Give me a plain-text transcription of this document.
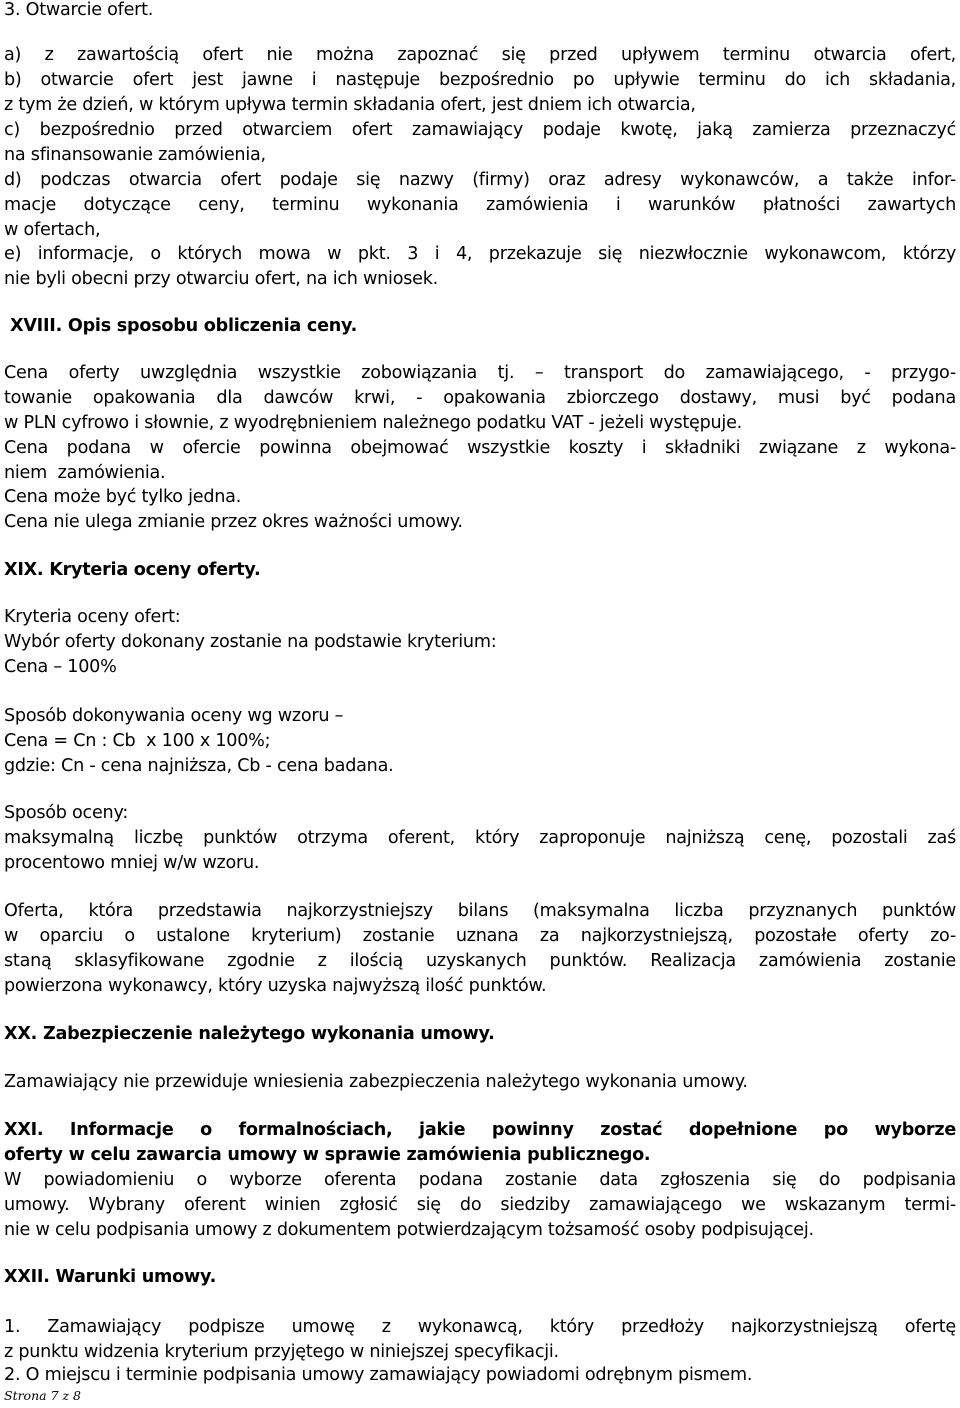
3. Otwarcie ofert.
a) z zawartością ofert nie można zapoznać się przed upływem terminu otwarcia ofert,
b) otwarcie ofert jest jawne i następuje bezpośrednio po upływie terminu do ich składania,
z tym że dzień, w którym upływa termin składania ofert, jest dniem ich otwarcia,
c) bezpośrednio przed otwarciem ofert zamawiający podaje kwotę, jaką zamierza przeznaczyć
na sfinansowanie zamówienia,
d) podczas otwarcia ofert podaje się nazwy (firmy) oraz adresy wykonawców, a także infor-
macje dotyczące ceny, terminu wykonania zamówienia i warunków płatności zawartych
w ofertach,
e) informacje, o których mowa w pkt. 3 i 4, przekazuje się niezwłocznie wykonawcom, którzy
nie byli obecni przy otwarciu ofert, na ich wniosek.
XVIII. Opis sposobu obliczenia ceny.
Cena oferty uwzględnia wszystkie zobowiązania tj. – transport do zamawiającego, - przygo-
towanie opakowania dla dawców krwi, - opakowania zbiorczego dostawy, musi być podana
w PLN cyfrowo i słownie, z wyodrębnieniem należnego podatku VAT - jeżeli występuje.
Cena podana w ofercie powinna obejmować wszystkie koszty i składniki związane z wykona-
niem  zamówienia.
Cena może być tylko jedna.
Cena nie ulega zmianie przez okres ważności umowy.
XIX. Kryteria oceny oferty.
Kryteria oceny ofert:
Wybór oferty dokonany zostanie na podstawie kryterium:
Cena – 100%
Sposób dokonywania oceny wg wzoru –
Cena = Cn : Cb  x 100 x 100%;
gdzie: Cn - cena najniższa, Cb - cena badana.
Sposób oceny:
maksymalną liczbę punktów otrzyma oferent, który zaproponuje najniższą cenę, pozostali zaś
procentowo mniej w/w wzoru.
Oferta, która przedstawia najkorzystniejszy bilans (maksymalna liczba przyznanych punktów
w oparciu o ustalone kryterium) zostanie uznana za najkorzystniejszą, pozostałe oferty zo-
staną sklasyfikowane zgodnie z ilością uzyskanych punktów. Realizacja zamówienia zostanie
powierzona wykonawcy, który uzyska najwyższą ilość punktów.
XX. Zabezpieczenie należytego wykonania umowy.
Zamawiający nie przewiduje wniesienia zabezpieczenia należytego wykonania umowy.
XXI. Informacje o formalnościach, jakie powinny zostać dopełnione po wyborze
oferty w celu zawarcia umowy w sprawie zamówienia publicznego.
W powiadomieniu o wyborze oferenta podana zostanie data zgłoszenia się do podpisania
umowy. Wybrany oferent winien zgłosić się do siedziby zamawiającego we wskazanym termi-
nie w celu podpisania umowy z dokumentem potwierdzającym tożsamość osoby podpisującej.
XXII. Warunki umowy.
1. Zamawiający podpisze umowę z wykonawcą, który przedłoży najkorzystniejszą ofertę
z punktu widzenia kryterium przyjętego w niniejszej specyfikacji.
2. O miejscu i terminie podpisania umowy zamawiający powiadomi odrębnym pismem.
Strona 7 z 8
